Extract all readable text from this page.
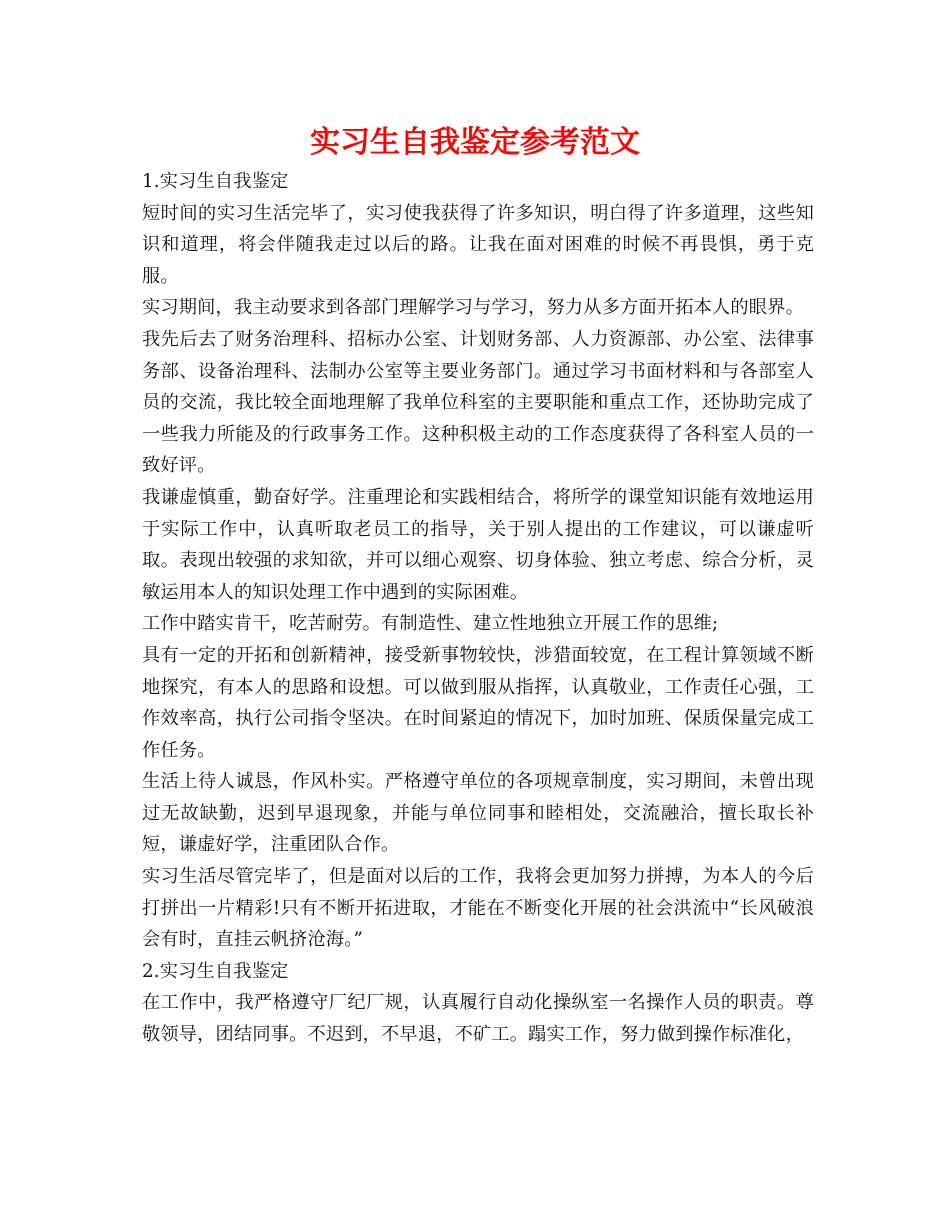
实习生自我鉴定参考范文

1.实习生自我鉴定

短时间的实习生活完毕了，实习使我获得了许多知识，明白得了许多道理，这些知识和道理，将会伴随我走过以后的路。让我在面对困难的时候不再畏惧，勇于克服。

实习期间，我主动要求到各部门理解学习与学习，努力从多方面开拓本人的眼界。

我先后去了财务治理科、招标办公室、计划财务部、人力资源部、办公室、法律事务部、设备治理科、法制办公室等主要业务部门。通过学习书面材料和与各部室人员的交流，我比较全面地理解了我单位科室的主要职能和重点工作，还协助完成了一些我力所能及的行政事务工作。这种积极主动的工作态度获得了各科室人员的一致好评。

我谦虚慎重，勤奋好学。注重理论和实践相结合，将所学的课堂知识能有效地运用于实际工作中，认真听取老员工的指导，关于别人提出的工作建议，可以谦虚听取。表现出较强的求知欲，并可以细心观察、切身体验、独立考虑、综合分析，灵敏运用本人的知识处理工作中遇到的实际困难。

工作中踏实肯干，吃苦耐劳。有制造性、建立性地独立开展工作的思维;

具有一定的开拓和创新精神，接受新事物较快，涉猎面较宽，在工程计算领域不断地探究，有本人的思路和设想。可以做到服从指挥，认真敬业，工作责任心强，工作效率高，执行公司指令坚决。在时间紧迫的情况下，加时加班、保质保量完成工作任务。

生活上待人诚恳，作风朴实。严格遵守单位的各项规章制度，实习期间，未曾出现过无故缺勤，迟到早退现象，并能与单位同事和睦相处，交流融洽，擅长取长补短，谦虚好学，注重团队合作。

实习生活尽管完毕了，但是面对以后的工作，我将会更加努力拼搏，为本人的今后打拼出一片精彩!只有不断开拓进取，才能在不断变化开展的社会洪流中“长风破浪会有时，直挂云帆挤沧海。”

2.实习生自我鉴定

在工作中，我严格遵守厂纪厂规，认真履行自动化操纵室一名操作人员的职责。尊敬领导，团结同事。不迟到，不早退，不矿工。蹋实工作，努力做到操作标准化，
